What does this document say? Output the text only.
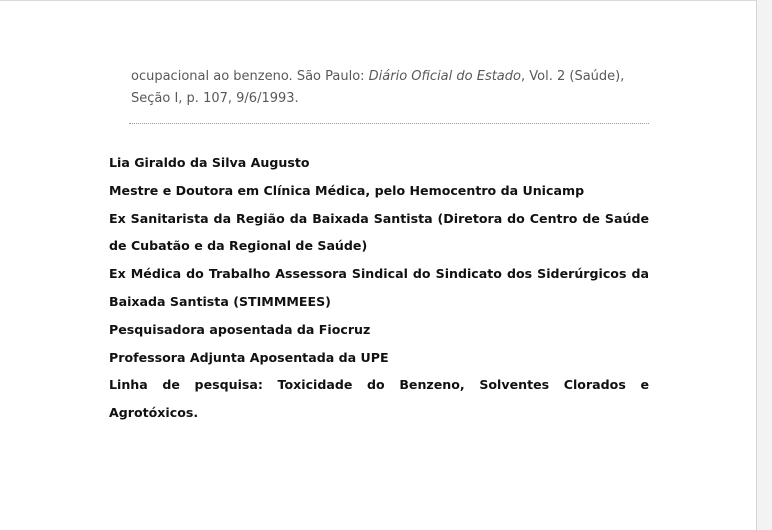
ocupacional ao benzeno. São Paulo: Diário Oficial do Estado, Vol. 2 (Saúde), Seção I, p. 107, 9/6/1993.

Lia Giraldo da Silva Augusto

Mestre e Doutora em Clínica Médica, pelo Hemocentro da Unicamp

Ex Sanitarista da Região da Baixada Santista (Diretora do Centro de Saúde de Cubatão e da Regional de Saúde)

Ex Médica do Trabalho Assessora Sindical do Sindicato dos Siderúrgicos da Baixada Santista (STIMMMEES)

Pesquisadora aposentada da Fiocruz

Professora Adjunta Aposentada da UPE

Linha de pesquisa: Toxicidade do Benzeno, Solventes Clorados e Agrotóxicos.
